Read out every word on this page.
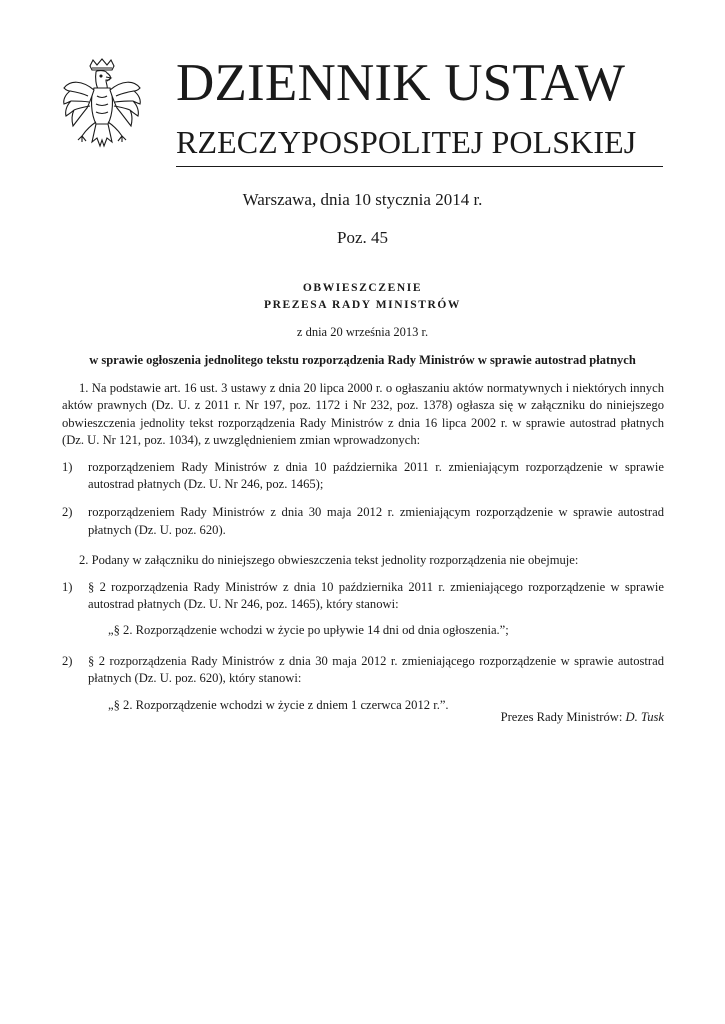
DZIENNIK USTAW
RZECZYPOSPOLITEJ POLSKIEJ
Warszawa, dnia 10 stycznia 2014 r.
Poz. 45
OBWIESZCZENIE
PREZESA RADY MINISTRÓW
z dnia 20 września 2013 r.
w sprawie ogłoszenia jednolitego tekstu rozporządzenia Rady Ministrów w sprawie autostrad płatnych

1. Na podstawie art. 16 ust. 3 ustawy z dnia 20 lipca 2000 r. o ogłaszaniu aktów normatywnych i niektórych innych aktów prawnych (Dz. U. z 2011 r. Nr 197, poz. 1172 i Nr 232, poz. 1378) ogłasza się w załączniku do niniejszego obwieszczenia jednolity tekst rozporządzenia Rady Ministrów z dnia 16 lipca 2002 r. w sprawie autostrad płatnych (Dz. U. Nr 121, poz. 1034), z uwzględnieniem zmian wprowadzonych:

1) rozporządzeniem Rady Ministrów z dnia 10 października 2011 r. zmieniającym rozporządzenie w sprawie autostrad płatnych (Dz. U. Nr 246, poz. 1465);
2) rozporządzeniem Rady Ministrów z dnia 30 maja 2012 r. zmieniającym rozporządzenie w sprawie autostrad płatnych (Dz. U. poz. 620).

2. Podany w załączniku do niniejszego obwieszczenia tekst jednolity rozporządzenia nie obejmuje:

1) § 2 rozporządzenia Rady Ministrów z dnia 10 października 2011 r. zmieniającego rozporządzenie w sprawie autostrad płatnych (Dz. U. Nr 246, poz. 1465), który stanowi:

„§ 2. Rozporządzenie wchodzi w życie po upływie 14 dni od dnia ogłoszenia.”;

2) § 2 rozporządzenia Rady Ministrów z dnia 30 maja 2012 r. zmieniającego rozporządzenie w sprawie autostrad płatnych (Dz. U. poz. 620), który stanowi:

„§ 2. Rozporządzenie wchodzi w życie z dniem 1 czerwca 2012 r.”.

Prezes Rady Ministrów: D. Tusk
